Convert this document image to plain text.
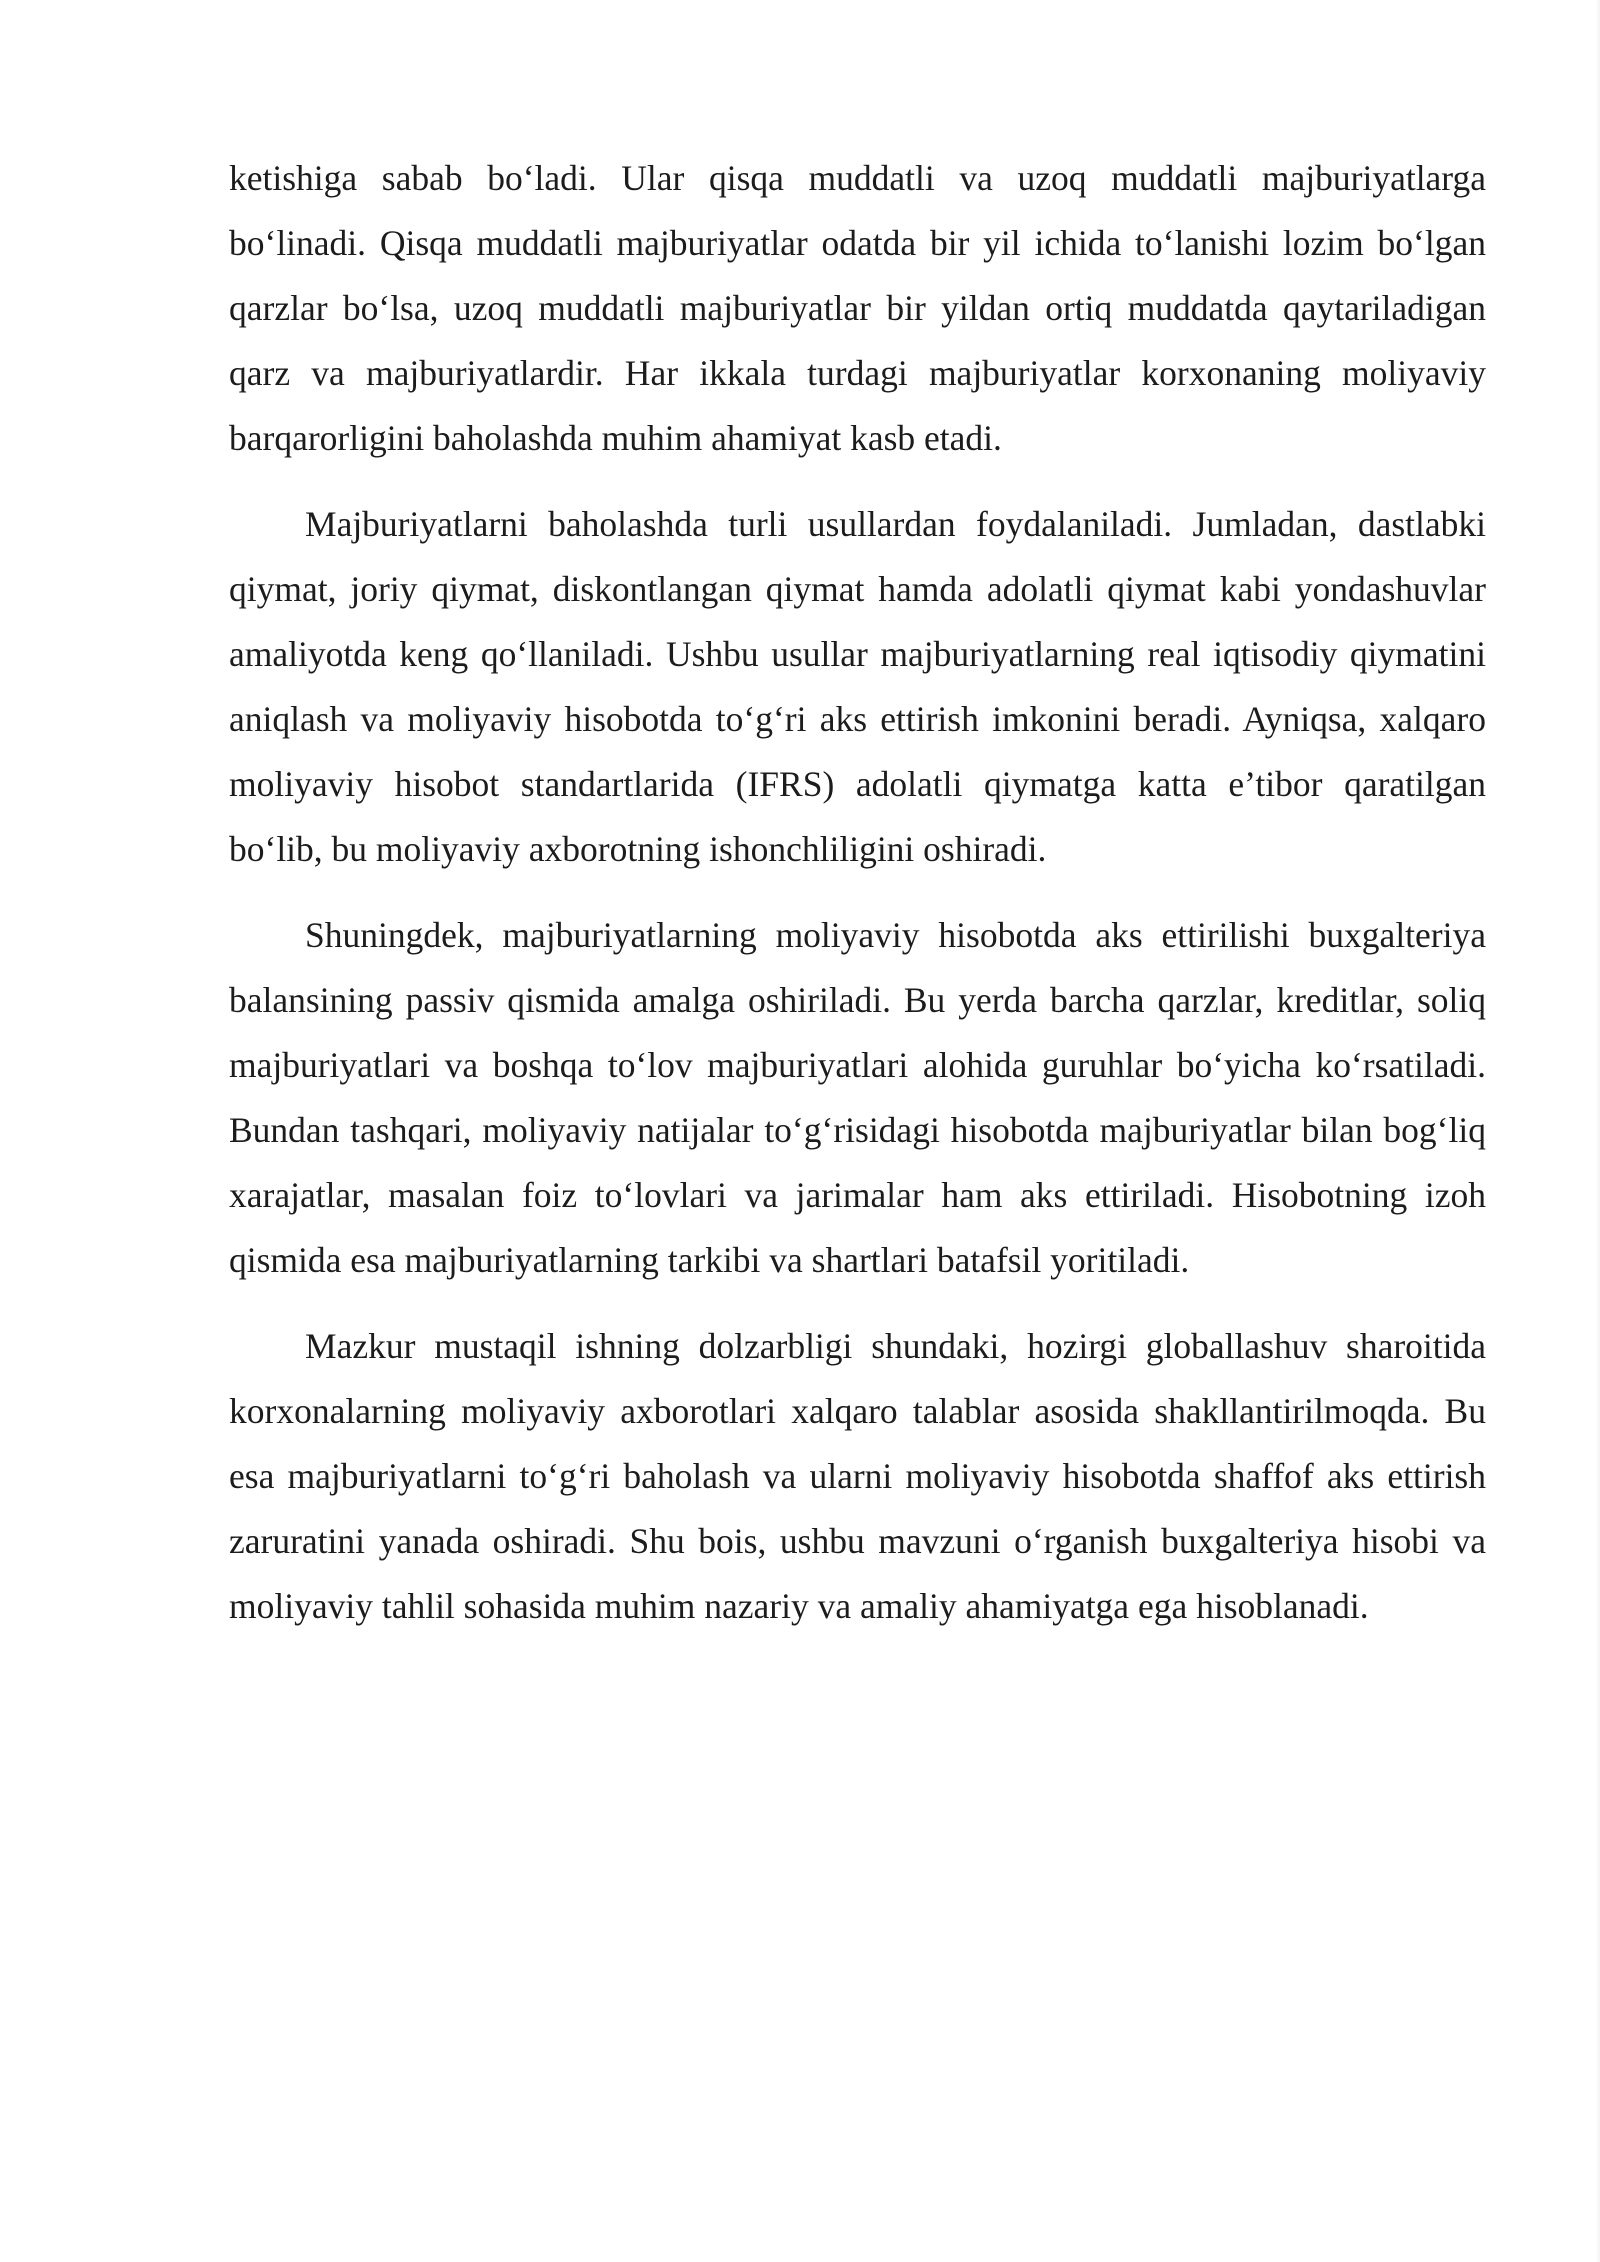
ketishiga sabab boʻladi. Ular qisqa muddatli va uzoq muddatli majburiyatlarga boʻlinadi. Qisqa muddatli majburiyatlar odatda bir yil ichida toʻlanishi lozim boʻlgan qarzlar boʻlsa, uzoq muddatli majburiyatlar bir yildan ortiq muddatda qaytariladigan qarz va majburiyatlardir. Har ikkala turdagi majburiyatlar korxonaning moliyaviy barqarorligini baholashda muhim ahamiyat kasb etadi.

Majburiyatlarni baholashda turli usullardan foydalaniladi. Jumladan, dastlabki qiymat, joriy qiymat, diskontlangan qiymat hamda adolatli qiymat kabi yondashuvlar amaliyotda keng qoʻllaniladi. Ushbu usullar majburiyatlarning real iqtisodiy qiymatini aniqlash va moliyaviy hisobotda toʻgʻri aks ettirish imkonini beradi. Ayniqsa, xalqaro moliyaviy hisobot standartlarida (IFRS) adolatli qiymatga katta e’tibor qaratilgan boʻlib, bu moliyaviy axborotning ishonchliligini oshiradi.

Shuningdek, majburiyatlarning moliyaviy hisobotda aks ettirilishi buxgalteriya balansining passiv qismida amalga oshiriladi. Bu yerda barcha qarzlar, kreditlar, soliq majburiyatlari va boshqa toʻlov majburiyatlari alohida guruhlar boʻyicha koʻrsatiladi. Bundan tashqari, moliyaviy natijalar toʻgʻrisidagi hisobotda majburiyatlar bilan bogʻliq xarajatlar, masalan foiz toʻlovlari va jarimalar ham aks ettiriladi. Hisobotning izoh qismida esa majburiyatlarning tarkibi va shartlari batafsil yoritiladi.

Mazkur mustaqil ishning dolzarbligi shundaki, hozirgi globallashuv sharoitida korxonalarning moliyaviy axborotlari xalqaro talablar asosida shakllantirilmoqda. Bu esa majburiyatlarni toʻgʻri baholash va ularni moliyaviy hisobotda shaffof aks ettirish zaruratini yanada oshiradi. Shu bois, ushbu mavzuni oʻrganish buxgalteriya hisobi va moliyaviy tahlil sohasida muhim nazariy va amaliy ahamiyatga ega hisoblanadi.
